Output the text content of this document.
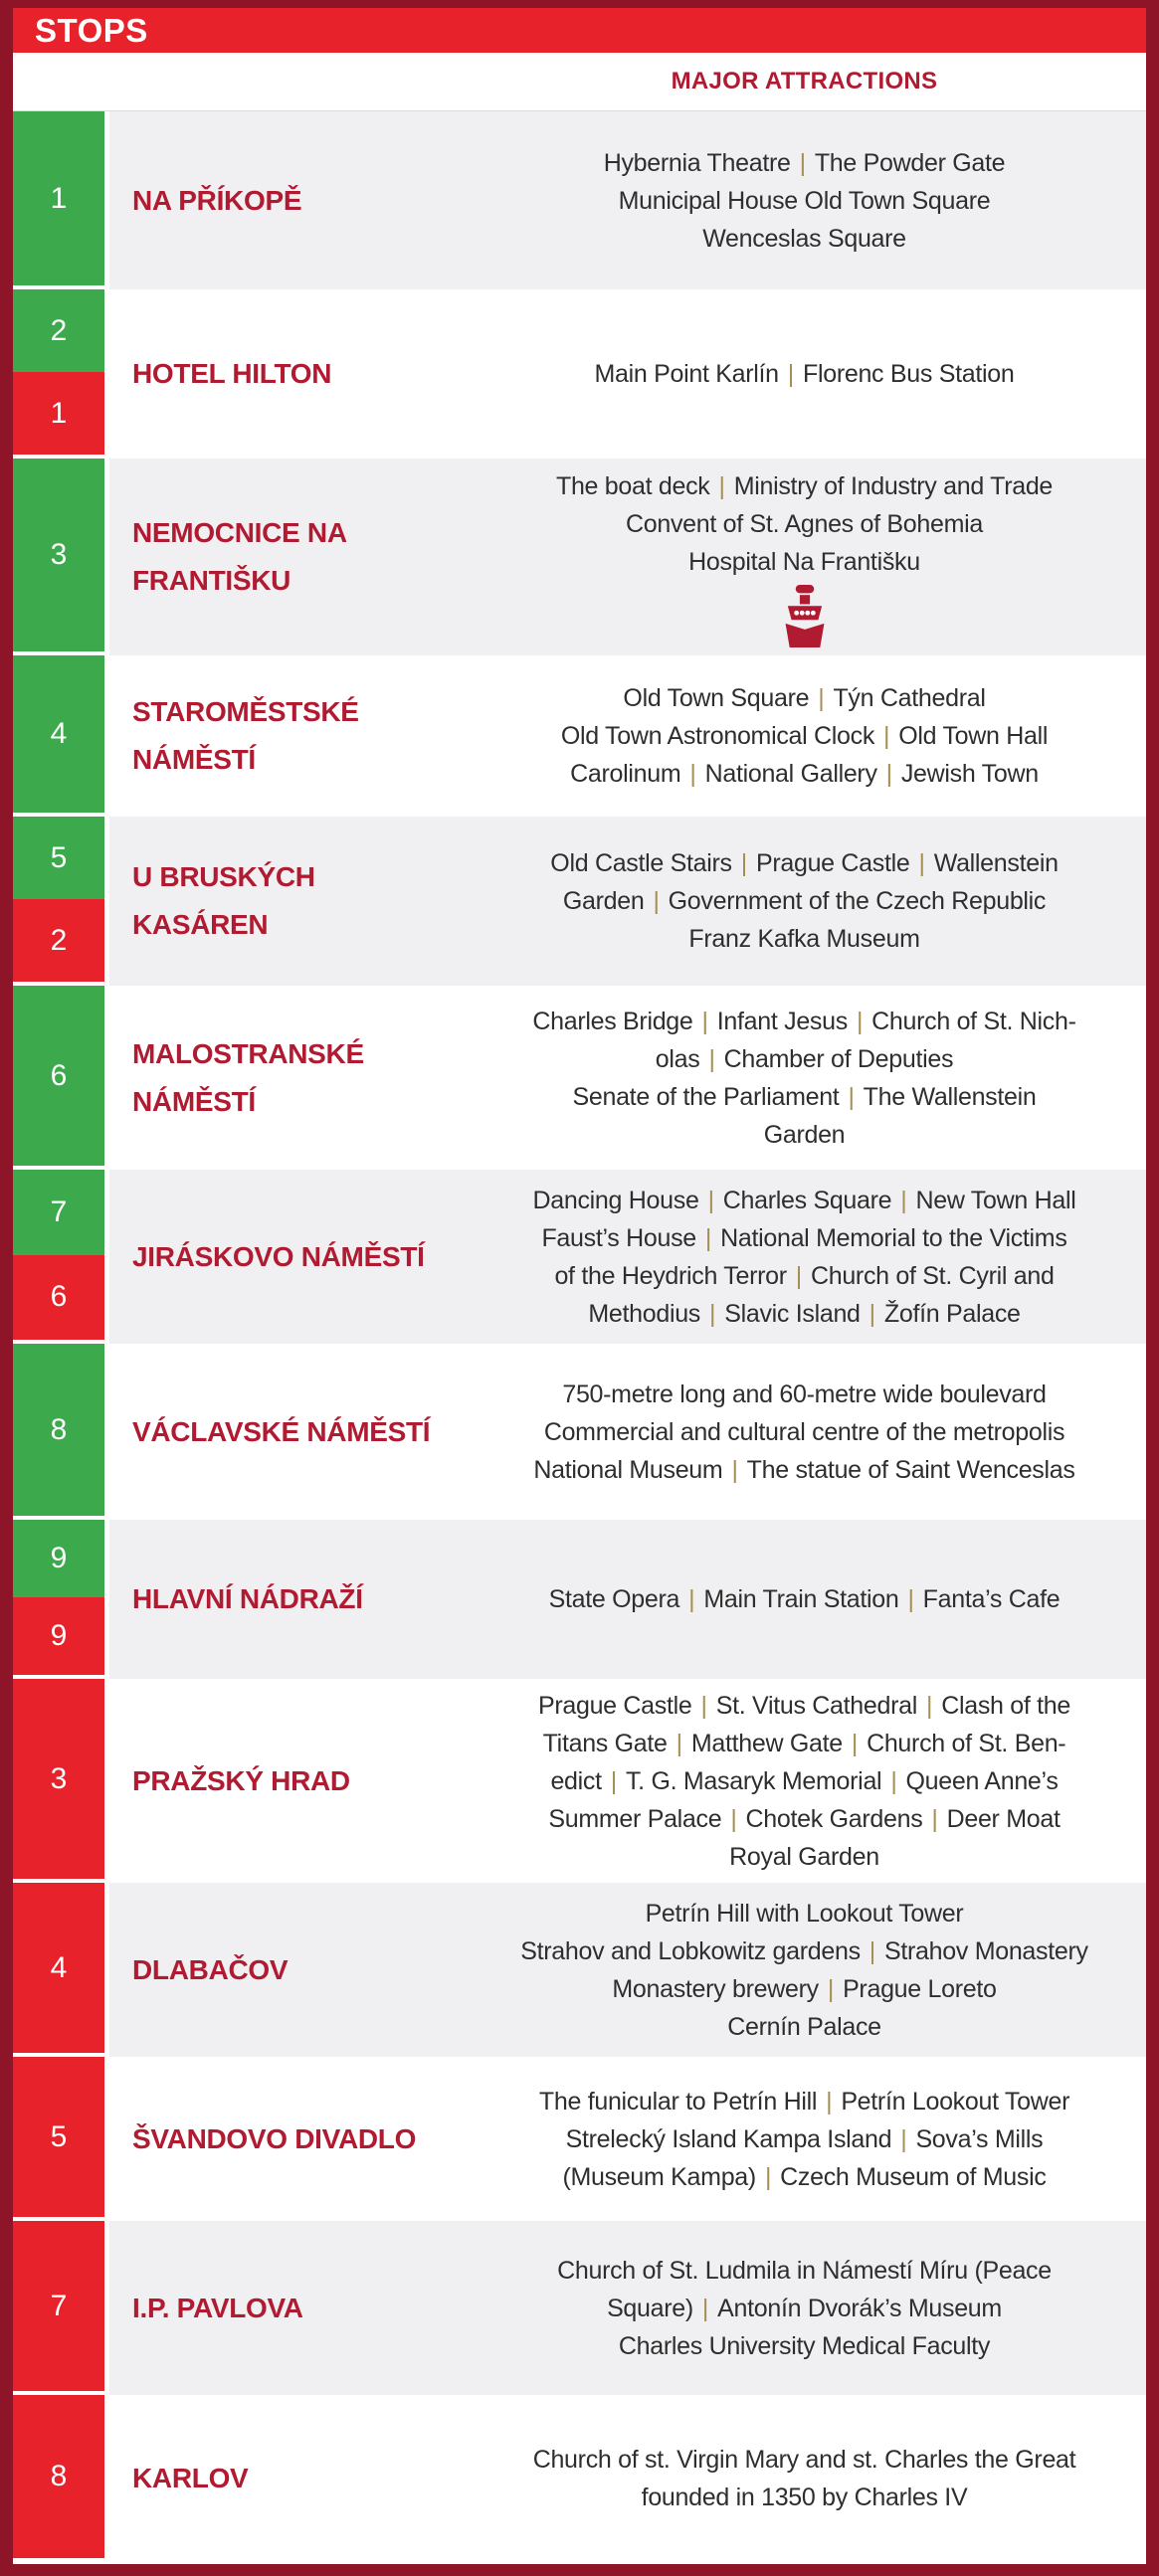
STOPS
MAJOR ATTRACTIONS
1 NA PŘÍKOPĚ
Hybernia Theatre | The Powder Gate
Municipal House Old Town Square
Wenceslas Square
2
1
HOTEL HILTON	Main Point Karlín | Florenc Bus Station
3
NEMOCNICE NA
FRANTIŠKU
The boat deck | Ministry of Industry and Trade
Convent of St. Agnes of Bohemia
Hospital Na Františku
4
STAROMĚSTSKÉ
NÁMĚSTÍ
Old Town Square | Týn Cathedral
Old Town Astronomical Clock | Old Town Hall
Carolinum | National Gallery | Jewish Town
5
2
U BRUSKÝCH
KASÁREN
Old Castle Stairs | Prague Castle | Wallenstein
Garden | Government of the Czech Republic
Franz Kafka Museum
6
MALOSTRANSKÉ
NÁMĚSTÍ
Charles Bridge | Infant Jesus | Church of St. Nich-
olas | Chamber of Deputies
Senate of the Parliament | The Wallenstein
Garden
7
6
JIRÁSKOVO NÁMĚSTÍ
Dancing House | Charles Square | New Town Hall
Faust’s House | National Memorial to the Victims
of the Heydrich Terror | Church of St. Cyril and
Methodius | Slavic Island | Žofín Palace
8 VÁCLAVSKÉ NÁMĚSTÍ
750-metre long and 60-metre wide boulevard
Commercial and cultural centre of the metropolis
National Museum | The statue of Saint Wenceslas
9
9
HLAVNÍ NÁDRAŽÍ	State Opera | Main Train Station | Fanta’s Cafe
3 PRAŽSKÝ HRAD
Prague Castle | St. Vitus Cathedral | Clash of the
Titans Gate | Matthew Gate | Church of St. Ben-
edict | T. G. Masaryk Memorial | Queen Anne’s
Summer Palace | Chotek Gardens | Deer Moat
Royal Garden
4 DLABAČOV
Petrín Hill with Lookout Tower
Strahov and Lobkowitz gardens | Strahov Monastery
Monastery brewery | Prague Loreto
Cernín Palace
5 ŠVANDOVO DIVADLO
The funicular to Petrín Hill | Petrín Lookout Tower
Strelecký Island Kampa Island | Sova’s Mills
(Museum Kampa) | Czech Museum of Music
7 I.P. PAVLOVA
Church of St. Ludmila in Námestí Míru (Peace
Square) | Antonín Dvorák’s Museum
Charles University Medical Faculty
8 KARLOV
Church of st. Virgin Mary and st. Charles the Great
founded in 1350 by Charles IV
